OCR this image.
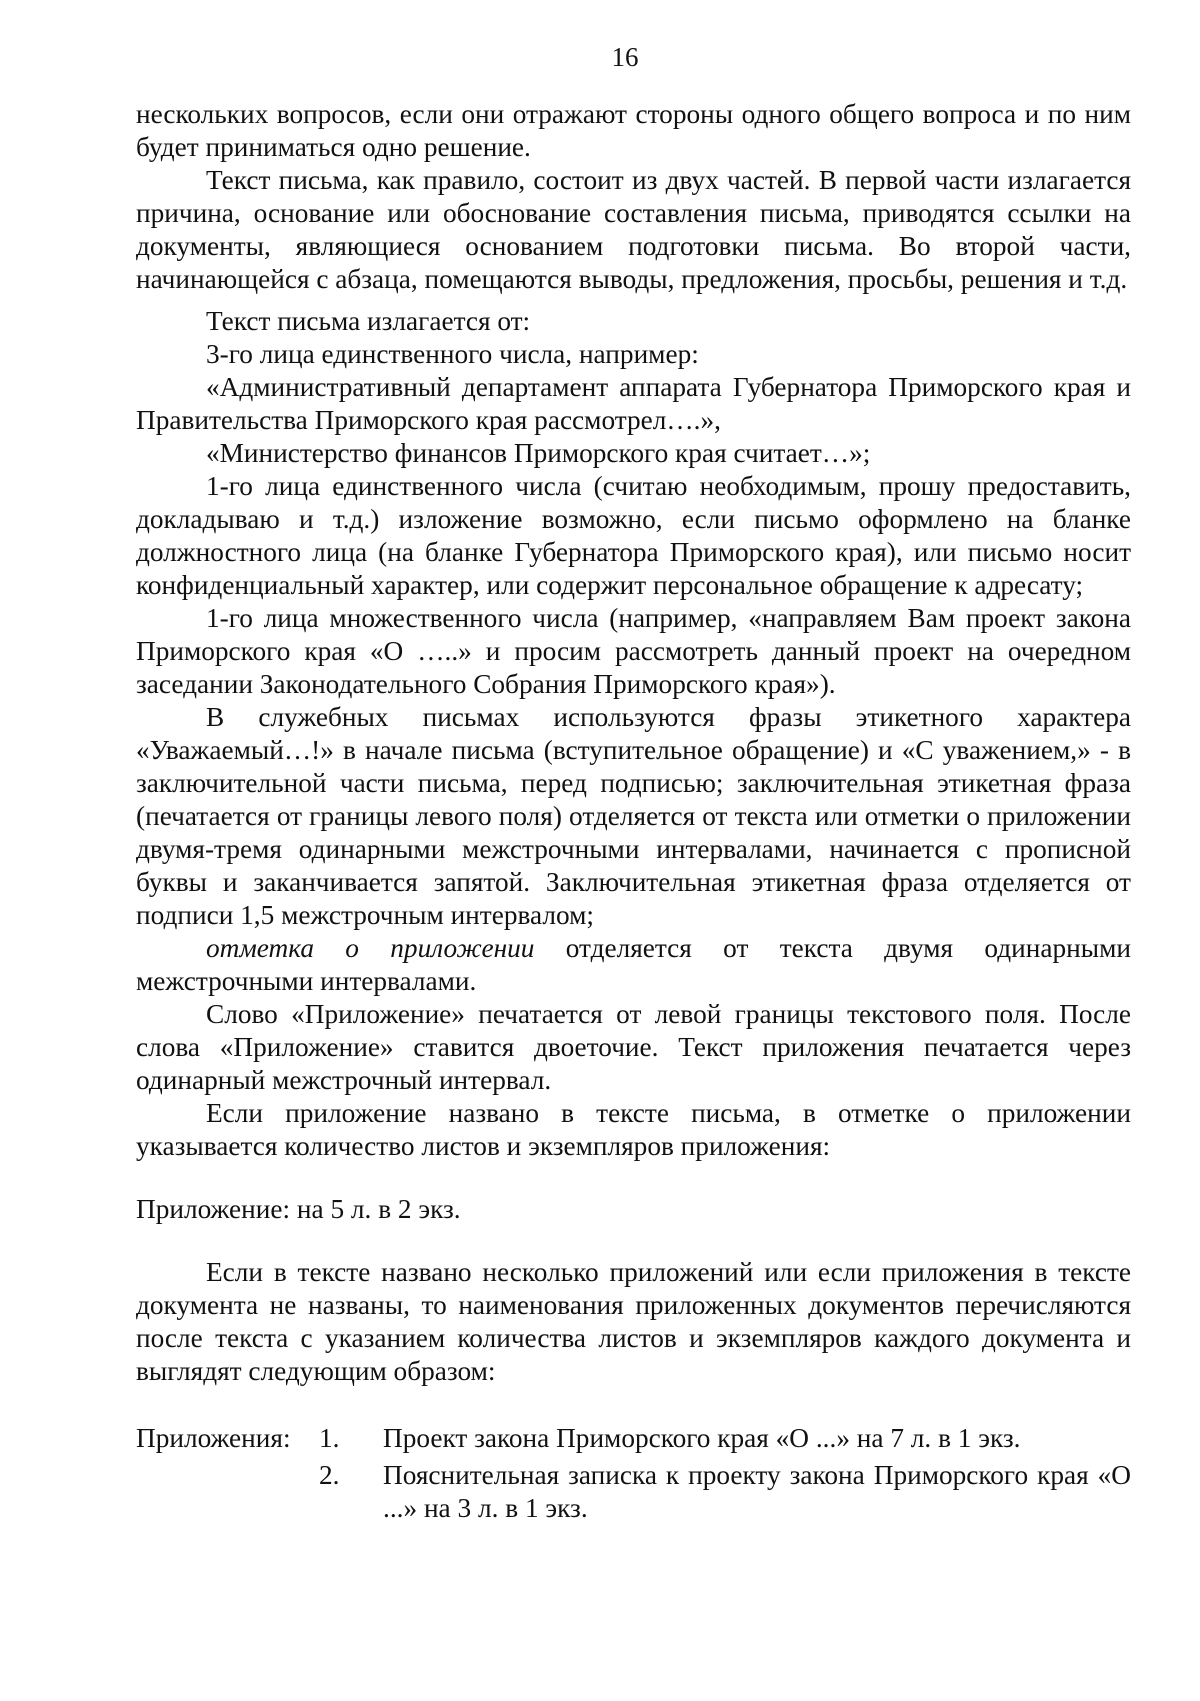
16

нескольких вопросов, если они отражают стороны одного общего вопроса и по ним будет приниматься одно решение.

Текст письма, как правило, состоит из двух частей. В первой части излагается причина, основание или обоснование составления письма, приводятся ссылки на документы, являющиеся основанием подготовки письма. Во второй части, начинающейся с абзаца, помещаются выводы, предложения, просьбы, решения и т.д.

Текст письма излагается от:

3-го лица единственного числа, например:

«Административный департамент аппарата Губернатора Приморского края и Правительства Приморского края рассмотрел….»,

«Министерство финансов Приморского края считает…»;

1-го лица единственного числа (считаю необходимым, прошу предоставить, докладываю и т.д.) изложение возможно, если письмо оформлено на бланке должностного лица (на бланке Губернатора Приморского края), или письмо носит конфиденциальный характер, или содержит персональное обращение к адресату;

1-го лица множественного числа (например, «направляем Вам проект закона Приморского края «О …..» и просим рассмотреть данный проект на очередном заседании Законодательного Собрания Приморского края»).

В служебных письмах используются фразы этикетного характера «Уважаемый…!» в начале письма (вступительное обращение) и «С уважением,» - в заключительной части письма, перед подписью; заключительная этикетная фраза (печатается от границы левого поля) отделяется от текста или отметки о приложении двумя-тремя одинарными межстрочными интервалами, начинается с прописной буквы и заканчивается запятой. Заключительная этикетная фраза отделяется от подписи 1,5 межстрочным интервалом;

отметка о приложении отделяется от текста двумя одинарными межстрочными интервалами.

Слово «Приложение» печатается от левой границы текстового поля. После слова «Приложение» ставится двоеточие. Текст приложения печатается через одинарный межстрочный интервал.

Если приложение названо в тексте письма, в отметке о приложении указывается количество листов и экземпляров приложения:

Приложение: на 5 л. в 2 экз.

Если в тексте названо несколько приложений или если приложения в тексте документа не названы, то наименования приложенных документов перечисляются после текста с указанием количества листов и экземпляров каждого документа и выглядят следующим образом:

Приложения:	1.	Проект закона Приморского края «О ...» на 7 л. в 1 экз.
2.	Пояснительная записка к проекту закона Приморского края «О ...» на 3 л. в 1 экз.
